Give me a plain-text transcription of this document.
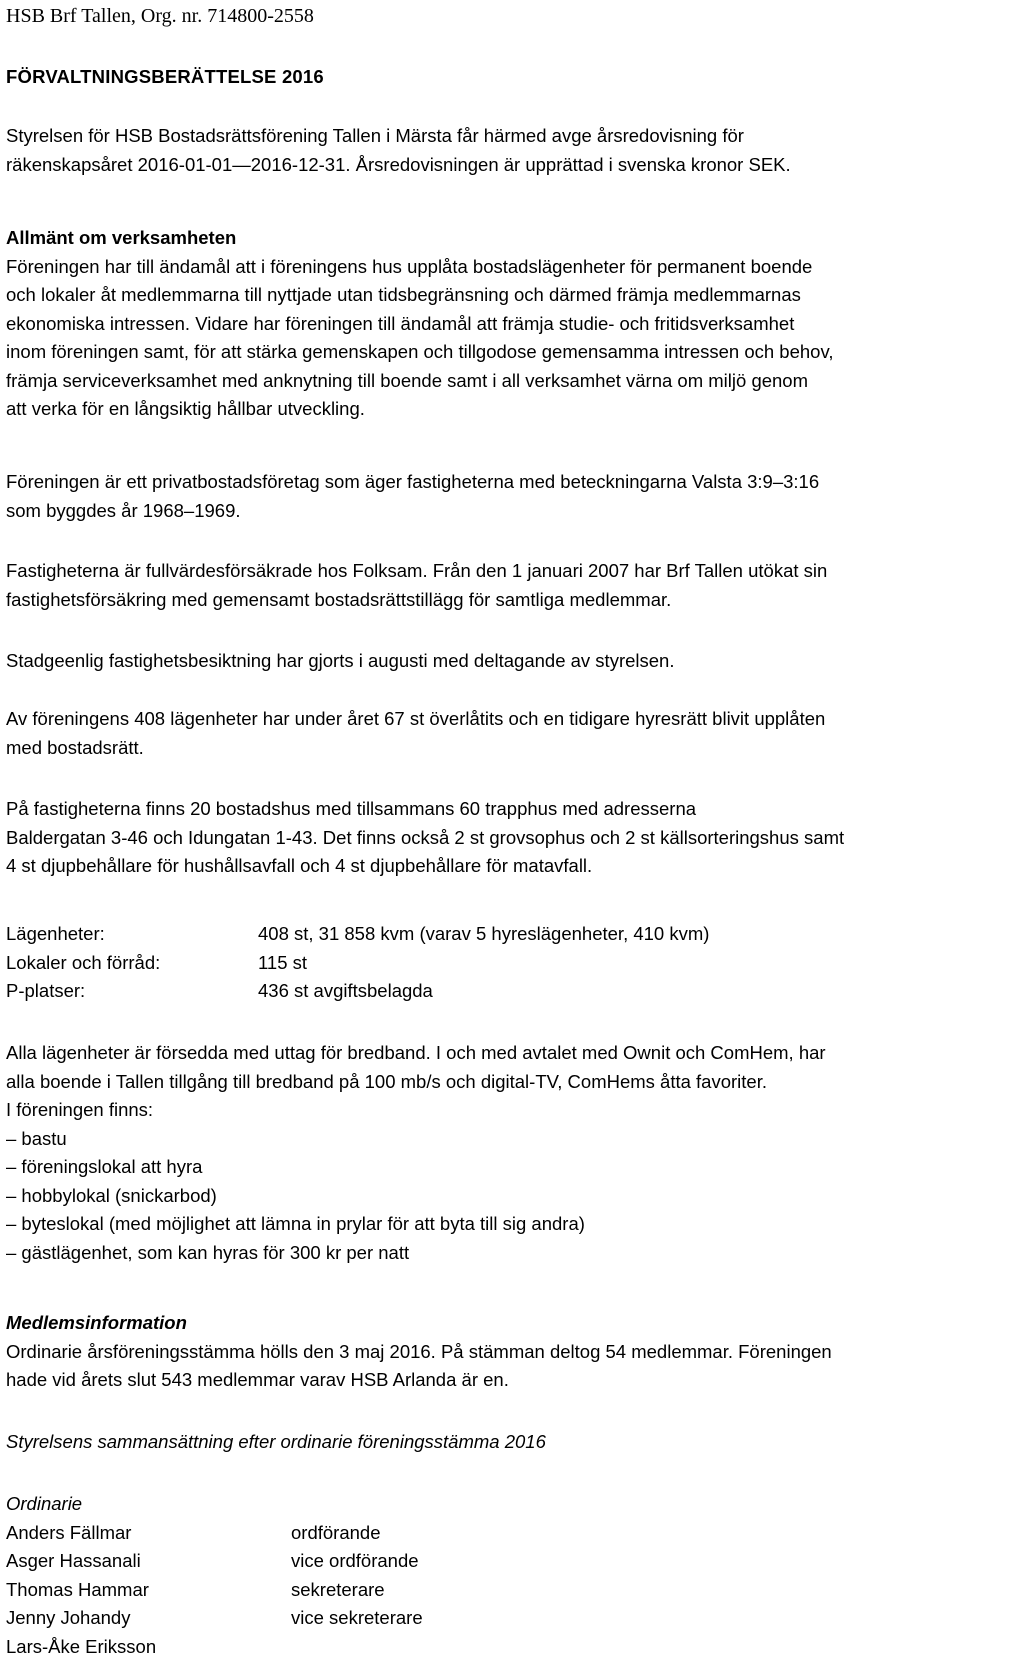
HSB Brf Tallen, Org. nr. 714800-2558
FÖRVALTNINGSBERÄTTELSE 2016

Styrelsen för HSB Bostadsrättsförening Tallen i Märsta får härmed avge årsredovisning för

räkenskapsåret 2016-01-01—2016-12-31. Årsredovisningen är upprättad i svenska kronor SEK.

Allmänt om verksamheten

Föreningen har till ändamål att i föreningens hus upplåta bostadslägenheter för permanent boende

och lokaler åt medlemmarna till nyttjade utan tidsbegränsning och därmed främja medlemmarnas

ekonomiska intressen. Vidare har föreningen till ändamål att främja studie- och fritidsverksamhet

inom föreningen samt, för att stärka gemenskapen och tillgodose gemensamma intressen och behov,

främja serviceverksamhet med anknytning till boende samt i all verksamhet värna om miljö genom

att verka för en långsiktig hållbar utveckling.

Föreningen är ett privatbostadsföretag som äger fastigheterna med beteckningarna Valsta 3:9–3:16

som byggdes år 1968–1969.

Fastigheterna är fullvärdesförsäkrade hos Folksam. Från den 1 januari 2007 har Brf Tallen utökat sin

fastighetsförsäkring med gemensamt bostadsrättstillägg för samtliga medlemmar.

Stadgeenlig fastighetsbesiktning har gjorts i augusti med deltagande av styrelsen.

Av föreningens 408 lägenheter har under året 67 st överlåtits och en tidigare hyresrätt blivit upplåten

med bostadsrätt.

På fastigheterna finns 20 bostadshus med tillsammans 60 trapphus med adresserna

Baldergatan 3-46 och Idungatan 1-43. Det finns också 2 st grovsophus och 2 st källsorteringshus samt

4 st djupbehållare för hushållsavfall och 4 st djupbehållare för matavfall.

Lägenheter:	408 st, 31 858 kvm (varav 5 hyreslägenheter, 410 kvm)
Lokaler och förråd:	115 st
P-platser:	436 st avgiftsbelagda

Alla lägenheter är försedda med uttag för bredband. I och med avtalet med Ownit och ComHem, har

alla boende i Tallen tillgång till bredband på 100 mb/s och digital-TV, ComHems åtta favoriter.

I föreningen finns:

– bastu

– föreningslokal att hyra

– hobbylokal (snickarbod)

– byteslokal (med möjlighet att lämna in prylar för att byta till sig andra)

– gästlägenhet, som kan hyras för 300 kr per natt

Medlemsinformation

Ordinarie årsföreningsstämma hölls den 3 maj 2016. På stämman deltog 54 medlemmar. Föreningen

hade vid årets slut 543 medlemmar varav HSB Arlanda är en.

Styrelsens sammansättning efter ordinarie föreningsstämma 2016

Ordinarie

Anders Fällmar	ordförande
Asger Hassanali	vice ordförande
Thomas Hammar	sekreterare
Jenny Johandy	vice sekreterare
Lars-Åke Eriksson
